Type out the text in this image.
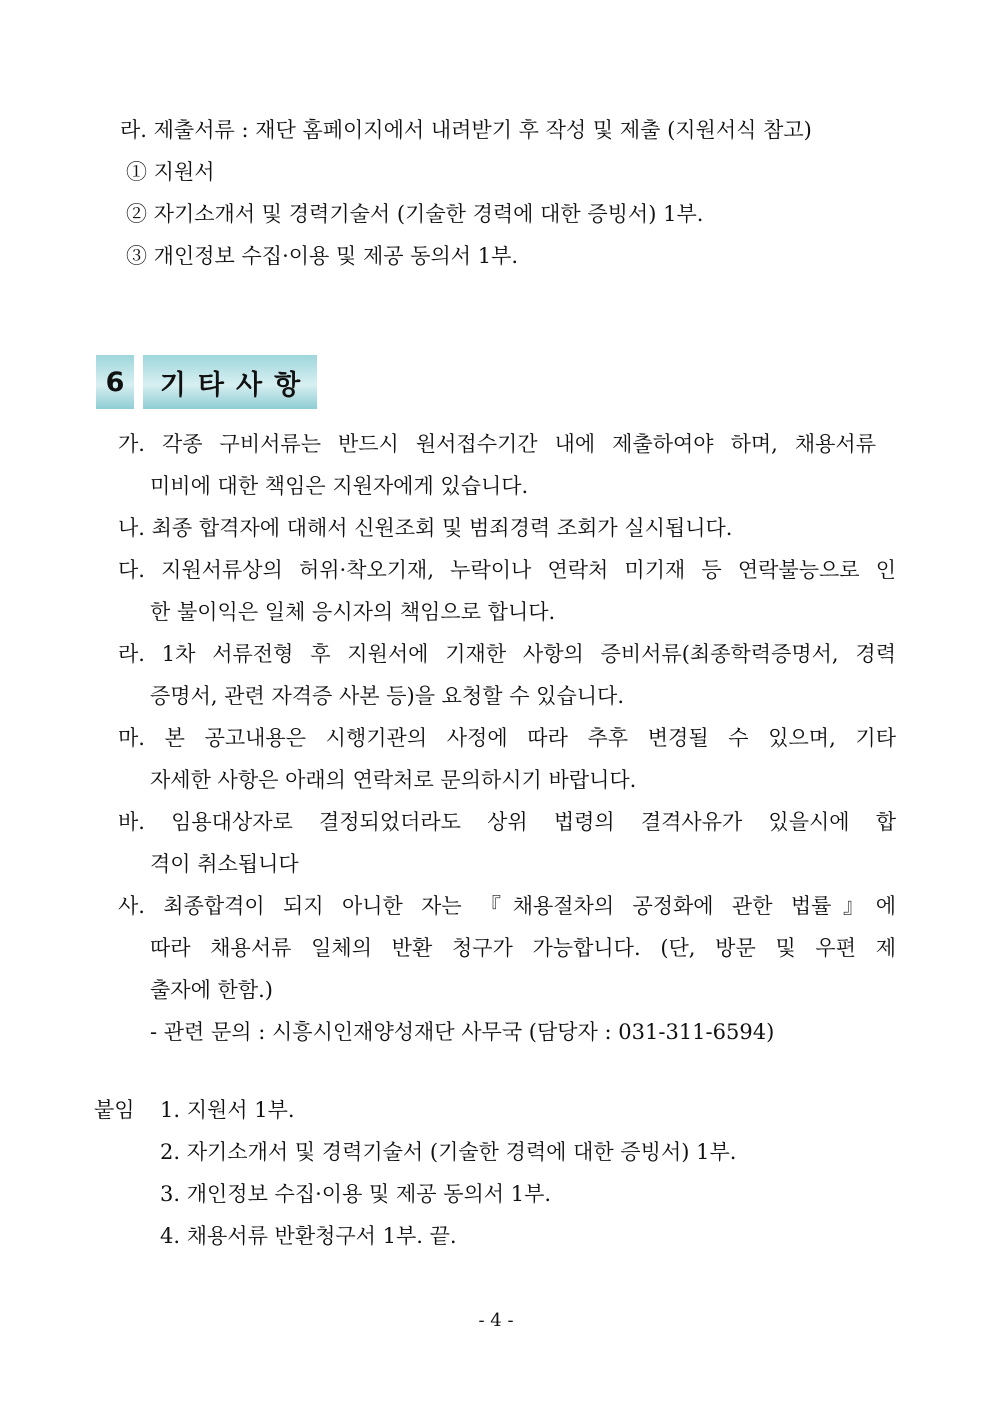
라. 제출서류 : 재단 홈페이지에서 내려받기 후 작성 및 제출 (지원서식 참고)
① 지원서
② 자기소개서 및 경력기술서 (기술한 경력에 대한 증빙서) 1부.
③ 개인정보 수집·이용 및 제공 동의서 1부.
6 기타사항
가. 각종 구비서류는 반드시 원서접수기간 내에 제출하여야 하며, 채용서류
미비에 대한 책임은 지원자에게 있습니다.
나. 최종 합격자에 대해서 신원조회 및 범죄경력 조회가 실시됩니다.
다. 지원서류상의 허위·착오기재, 누락이나 연락처 미기재 등 연락불능으로 인
한 불이익은 일체 응시자의 책임으로 합니다.
라. 1차 서류전형 후 지원서에 기재한 사항의 증비서류(최종학력증명서, 경력
증명서, 관련 자격증 사본 등)을 요청할 수 있습니다.
마. 본 공고내용은 시행기관의 사정에 따라 추후 변경될 수 있으며, 기타
자세한 사항은 아래의 연락처로 문의하시기 바랍니다.
바. 임용대상자로 결정되었더라도 상위 법령의 결격사유가 있을시에 합
격이 취소됩니다
사. 최종합격이 되지 아니한 자는 『채용절차의 공정화에 관한 법률』에
따라 채용서류 일체의 반환 청구가 가능합니다. (단, 방문 및 우편 제
출자에 한함.)
- 관련 문의 : 시흥시인재양성재단 사무국 (담당자 : 031-311-6594)
붙임 1. 지원서 1부.
2. 자기소개서 및 경력기술서 (기술한 경력에 대한 증빙서) 1부.
3. 개인정보 수집·이용 및 제공 동의서 1부.
4. 채용서류 반환청구서 1부. 끝.
- 4 -
